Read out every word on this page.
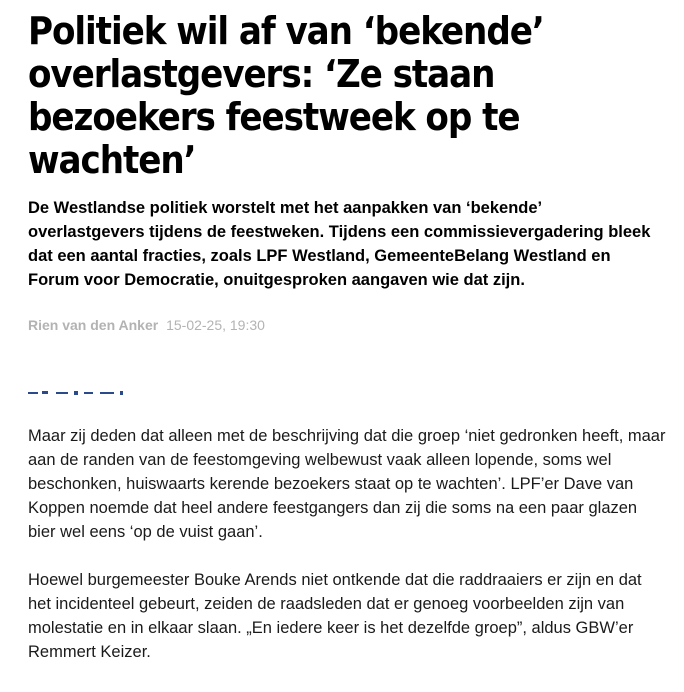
Politiek wil af van ‘bekende’ overlastgevers: ‘Ze staan bezoekers feestweek op te wachten’

De Westlandse politiek worstelt met het aanpakken van ‘bekende’ overlastgevers tijdens de feestweken. Tijdens een commissievergadering bleek dat een aantal fracties, zoals LPF Westland, GemeenteBelang Westland en Forum voor Democratie, onuitgesproken aangaven wie dat zijn.

Rien van den Anker 15-02-25, 19:30

Maar zij deden dat alleen met de beschrijving dat die groep ‘niet gedronken heeft, maar aan de randen van de feestomgeving welbewust vaak alleen lopende, soms wel beschonken, huiswaarts kerende bezoekers staat op te wachten’. LPF’er Dave van Koppen noemde dat heel andere feestgangers dan zij die soms na een paar glazen bier wel eens ‘op de vuist gaan’.

Hoewel burgemeester Bouke Arends niet ontkende dat die raddraaiers er zijn en dat het incidenteel gebeurt, zeiden de raadsleden dat er genoeg voorbeelden zijn van molestatie en in elkaar slaan. „En iedere keer is het dezelfde groep”, aldus GBW’er Remmert Keizer.
